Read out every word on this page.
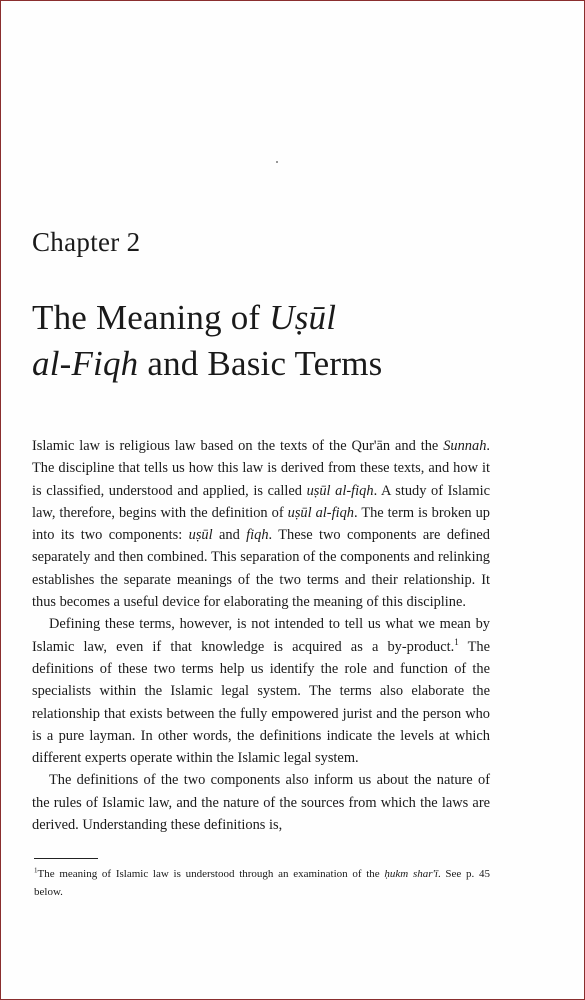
Chapter 2
The Meaning of Uṣūl
al-Fiqh and Basic Terms

Islamic law is religious law based on the texts of the Qur'ān and the Sunnah. The discipline that tells us how this law is derived from these texts, and how it is classified, understood and applied, is called uṣūl al-fiqh. A study of Islamic law, therefore, begins with the definition of uṣūl al-fiqh. The term is broken up into its two components: uṣūl and fiqh. These two components are defined separately and then combined. This separation of the components and relinking establishes the separate meanings of the two terms and their relationship. It thus becomes a useful device for elaborating the meaning of this discipline.

Defining these terms, however, is not intended to tell us what we mean by Islamic law, even if that knowledge is acquired as a by-product.$^1$ The definitions of these two terms help us identify the role and function of the specialists within the Islamic legal system. The terms also elaborate the relationship that exists between the fully empowered jurist and the person who is a pure layman. In other words, the definitions indicate the levels at which different experts operate within the Islamic legal system.

The definitions of the two components also inform us about the nature of the rules of Islamic law, and the nature of the sources from which the laws are derived. Understanding these definitions is,

$^1$The meaning of Islamic law is understood through an examination of the ḥukm shar'ī. See p. 45 below.
